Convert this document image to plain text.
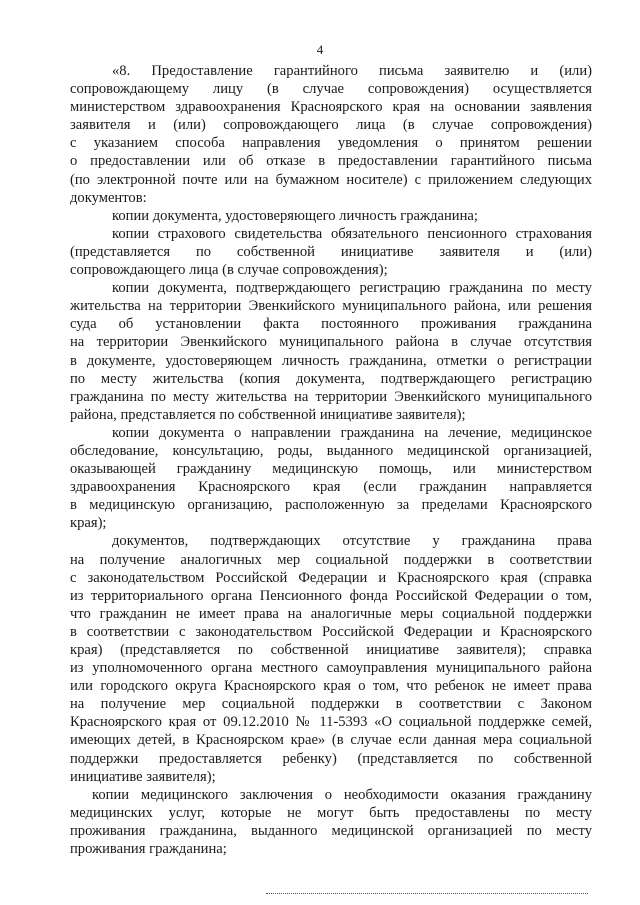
4
«8. Предоставление гарантийного письма заявителю и (или)
сопровождающему лицу (в случае сопровождения) осуществляется
министерством здравоохранения Красноярского края на основании заявления
заявителя и (или) сопровождающего лица (в случае сопровождения)
с указанием способа направления уведомления о принятом решении
о предоставлении или об отказе в предоставлении гарантийного письма
(по электронной почте или на бумажном носителе) с приложением следующих
документов:
копии документа, удостоверяющего личность гражданина;
копии страхового свидетельства обязательного пенсионного страхования
(представляется по собственной инициативе заявителя и (или)
сопровождающего лица (в случае сопровождения);
копии документа, подтверждающего регистрацию гражданина по месту
жительства на территории Эвенкийского муниципального района, или решения
суда об установлении факта постоянного проживания гражданина
на территории Эвенкийского муниципального района в случае отсутствия
в документе, удостоверяющем личность гражданина, отметки о регистрации
по месту жительства (копия документа, подтверждающего регистрацию
гражданина по месту жительства на территории Эвенкийского муниципального
района, представляется по собственной инициативе заявителя);
копии документа о направлении гражданина на лечение, медицинское
обследование, консультацию, роды, выданного медицинской организацией,
оказывающей гражданину медицинскую помощь, или министерством
здравоохранения Красноярского края (если гражданин направляется
в медицинскую организацию, расположенную за пределами Красноярского
края);
документов, подтверждающих отсутствие у гражданина права
на получение аналогичных мер социальной поддержки в соответствии
с законодательством Российской Федерации и Красноярского края (справка
из территориального органа Пенсионного фонда Российской Федерации о том,
что гражданин не имеет права на аналогичные меры социальной поддержки
в соответствии с законодательством Российской Федерации и Красноярского
края) (представляется по собственной инициативе заявителя); справка
из уполномоченного органа местного самоуправления муниципального района
или городского округа Красноярского края о том, что ребенок не имеет права
на получение мер социальной поддержки в соответствии с Законом
Красноярского края от 09.12.2010 № 11-5393 «О социальной поддержке семей,
имеющих детей, в Красноярском крае» (в случае если данная мера социальной
поддержки предоставляется ребенку) (представляется по собственной
инициативе заявителя);
копии медицинского заключения о необходимости оказания гражданину
медицинских услуг, которые не могут быть предоставлены по месту
проживания гражданина, выданного медицинской организацией по месту
проживания гражданина;
